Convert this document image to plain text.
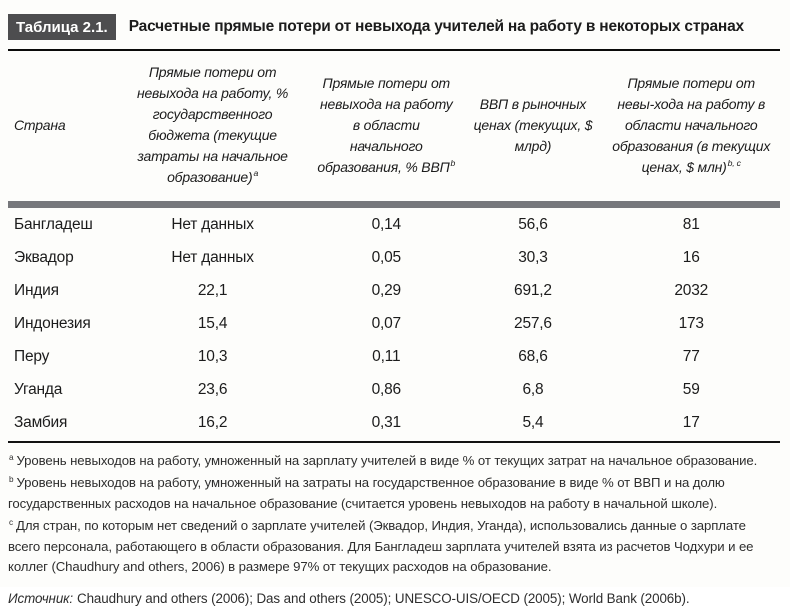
Таблица 2.1.	Расчетные прямые потери от невыхода учителей на работу в некоторых странах
Страна	Прямые потери от невыхода на работу, % государственного бюджета (текущие затраты на начальное образование)$^a$	Прямые потери от невыхода на работу в области начального образования, % ВВП$^b$	ВВП в рыночных ценах (текущих, $ млрд)	Прямые потери от невы-хода на работу в области начального образования (в текущих ценах, $ млн)$^{b, c}$
Бангладеш	Нет данных	0,14	56,6	81
Эквадор	Нет данных	0,05	30,3	16
Индия	22,1	0,29	691,2	2032
Индонезия	15,4	0,07	257,6	173
Перу	10,3	0,11	68,6	77
Уганда	23,6	0,86	6,8	59
Замбия	16,2	0,31	5,4	17

$^a$ Уровень невыходов на работу, умноженный на зарплату учителей в виде % от текущих затрат на начальное образование.

$^b$ Уровень невыходов на работу, умноженный на затраты на государственное образование в виде % от ВВП и на долю государственных расходов на начальное образование (считается уровень невыходов на работу в начальной школе).

$^c$ Для стран, по которым нет сведений о зарплате учителей (Эквадор, Индия, Уганда), использовались данные о зарплате всего персонала, работающего в области образования. Для Бангладеш зарплата учителей взята из расчетов Чодхури и ее коллег (Chaudhury and others, 2006) в размере 97% от текущих расходов на образование.

Источник: Chaudhury and others (2006); Das and others (2005); UNESCO-UIS/OECD (2005); World Bank (2006b).
